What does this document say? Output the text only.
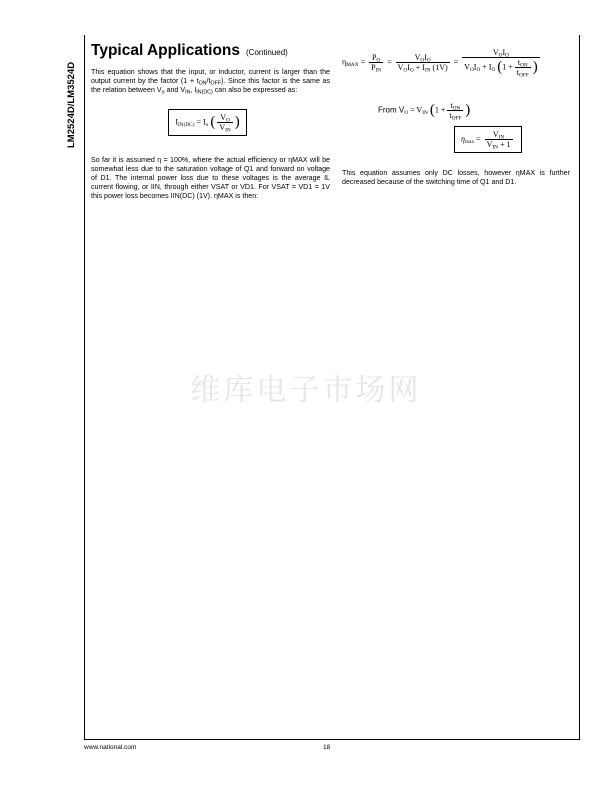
LM2524D/LM3524D
Typical Applications (Continued)

This equation shows that the input, or inductor, current is larger than the output current by the factor $(1 + t_{ON}/t_{OFF})$. Since this factor is the same as the relation between $V_o$ and $V_{IN}$, $I_{IN(DC)}$ can also be expressed as:

$I_{IN(DC)} = I_o$ ( $\frac{V_O}{V_{IN}}$ )

So far it is assumed η = 100%, where the actual efficiency or ηMAX will be somewhat less due to the saturation voltage of Q1 and forward on voltage of D1. The internal power loss due to these voltages is the average IL current flowing, or IIN, through either VSAT or VD1. For VSAT = VD1 = 1V this power loss becomes IIN(DC) (1V). ηMAX is then:

$\eta_{MAX} = \frac{P_O}{P_{IN}} = \frac{V_OI_O}{V_OI_O + I_{IN} (1V)} = \frac{V_OI_O}{V_OI_O + I_O (1 + \frac{t_{ON}}{t_{OFF}} )}$
From $V_O = V_{IN}$ ($1 + \frac{t_{ON}}{t_{OFF}}$ )
$\eta_{max} = \frac{V_{IN}}{V_{IN} + 1}$

This equation assumes only DC losses, however ηMAX is further decreased because of the switching time of Q1 and D1.

维库电子市场网
www.national.com	18
